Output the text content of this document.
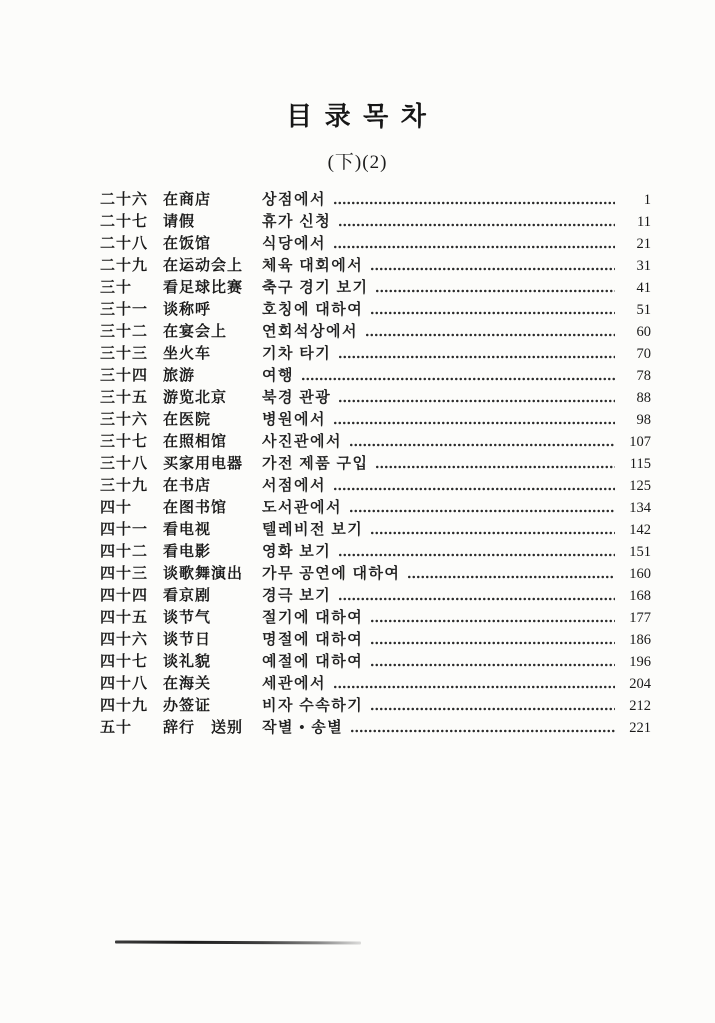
目 录 목 차
(下)(2)
二十六 在商店	상점에서	1
二十七 请假	휴가 신청	11
二十八 在饭馆	식당에서	21
二十九 在运动会上	체육 대회에서	31
三十	看足球比赛	축구 경기 보기	41
三十一 谈称呼	호칭에 대하여	51
三十二 在宴会上	연회석상에서	60
三十三 坐火车	기차 타기	70
三十四 旅游	여행	78
三十五 游览北京	북경 관광	88
三十六 在医院	병원에서	98
三十七 在照相馆	사진관에서	107
三十八 买家用电器	가전 제품 구입	115
三十九 在书店	서점에서	125
四十	在图书馆	도서관에서	134
四十一 看电视	텔레비전 보기	142
四十二 看电影	영화 보기	151
四十三 谈歌舞演出	가무 공연에 대하여	160
四十四 看京剧	경극 보기	168
四十五 谈节气	절기에 대하여	177
四十六 谈节日	명절에 대하여	186
四十七 谈礼貌	예절에 대하여	196
四十八 在海关	세관에서	204
四十九 办签证	비자 수속하기	212
五十	辞行　送别	작별 • 송별	221
